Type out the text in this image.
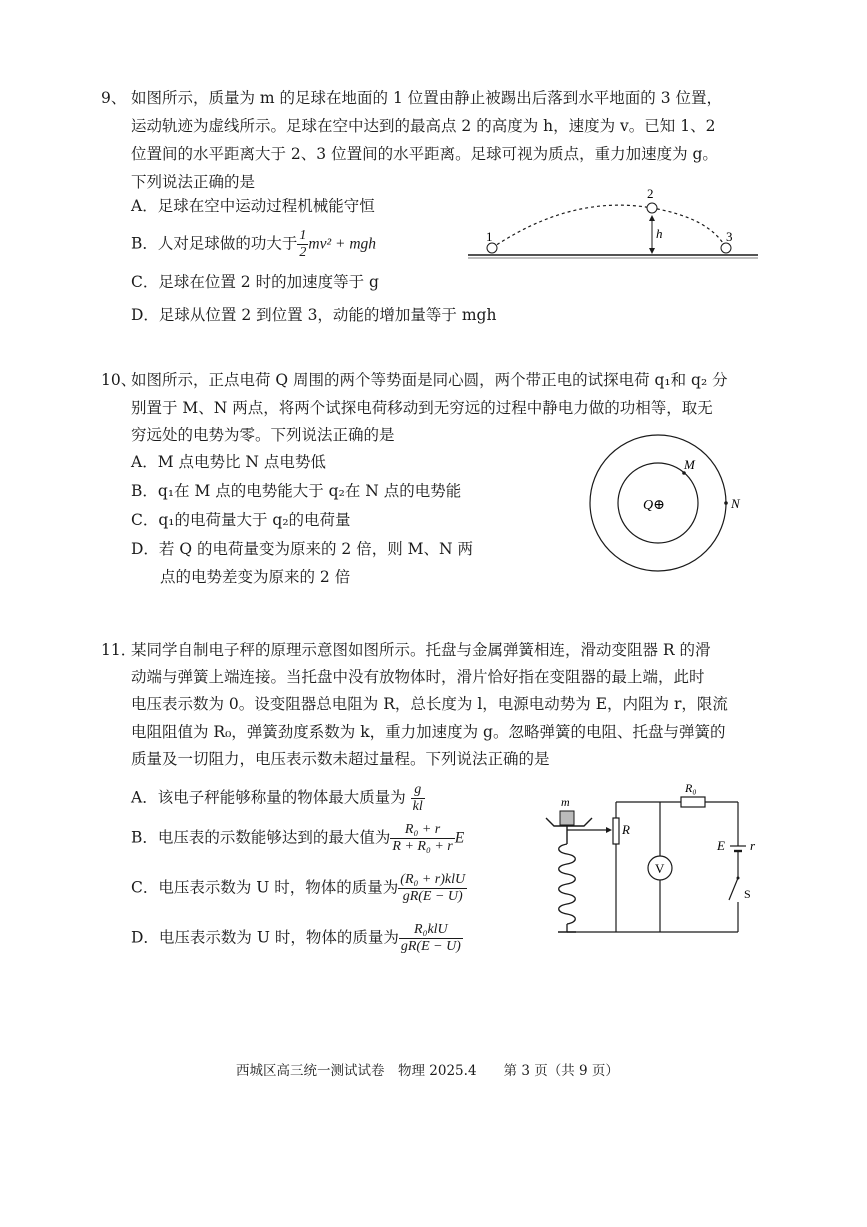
9、 如图所示，质量为 m 的足球在地面的 1 位置由静止被踢出后落到水平地面的 3 位置，
运动轨迹为虚线所示。足球在空中达到的最高点 2 的高度为 h，速度为 v。已知 1、2
位置间的水平距离大于 2、3 位置间的水平距离。足球可视为质点，重力加速度为 g。
下列说法正确的是
A．足球在空中运动过程机械能守恒
B．人对足球做的功大于 $\frac{1}{2} mv^2$ + mgh
C．足球在位置 2 时的加速度等于 g
D．足球从位置 2 到位置 3，动能的增加量等于 mgh
1
2
3
h
10、
如图所示，正点电荷 Q 周围的两个等势面是同心圆，两个带正电的试探电荷 q₁和 q₂ 分
别置于 M、N 两点，将两个试探电荷移动到无穷远的过程中静电力做的功相等，取无
穷远处的电势为零。下列说法正确的是
A．M 点电势比 N 点电势低
B．q₁在 M 点的电势能大于 q₂在 N 点的电势能
C．q₁的电荷量大于 q₂的电荷量
D．若 Q 的电荷量变为原来的 2 倍，则 M、N 两
点的电势差变为原来的 2 倍
Q⊕
M
N
11．
某同学自制电子秤的原理示意图如图所示。托盘与金属弹簧相连，滑动变阻器 R 的滑
动端与弹簧上端连接。当托盘中没有放物体时，滑片恰好指在变阻器的最上端，此时
电压表示数为 0。设变阻器总电阻为 R，总长度为 l，电源电动势为 E，内阻为 r，限流
电阻阻值为 R₀，弹簧劲度系数为 k，重力加速度为 g。忽略弹簧的电阻、托盘与弹簧的
质量及一切阻力，电压表示数未超过量程。下列说法正确的是
A．该电子秤能够称量的物体最大质量为 $\frac{g}{kl}$
B．电压表的示数能够达到的最大值为 $\frac{\text{R₀ + r}}{\text{R + R₀ + r}}$ E
C．电压表示数为 U 时，物体的质量为 $\frac{\text{(R₀ + r)klU}}{gR(E - U)}$
D．电压表示数为 U 时，物体的质量为 $\frac{\text{R₀klU}}{gR(E - U)}$
m
R
R₀
E r
S
V
西城区高三统一测试试卷　物理 2025.4　　第 3 页（共 9 页）
